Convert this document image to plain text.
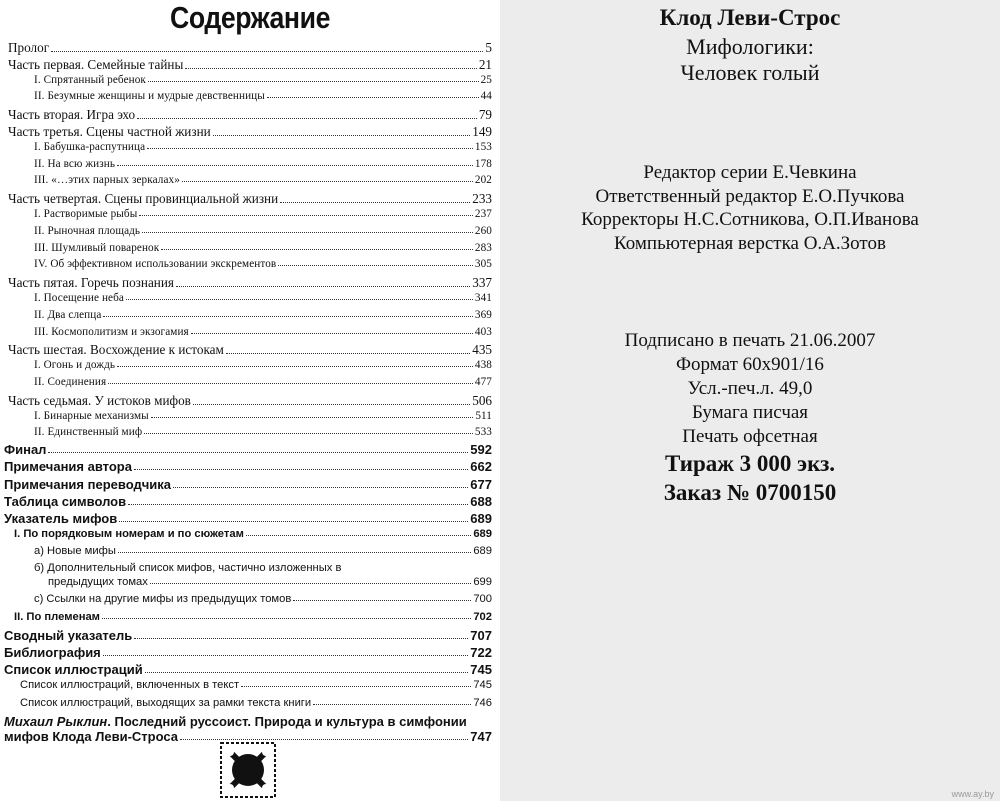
Содержание
Пролог	5
Часть первая. Семейные тайны	21
I. Спрятанный ребенок	25
II. Безумные женщины и мудрые девственницы	44
Часть вторая. Игра эхо	79
Часть третья. Сцены частной жизни	149
I. Бабушка-распутница	153
II. На всю жизнь	178
III. «…этих парных зеркалах»	202
Часть четвертая. Сцены провинциальной жизни	233
I. Растворимые рыбы	237
II. Рыночная площадь	260
III. Шумливый поваренок	283
IV. Об эффективном использовании экскрементов	305
Часть пятая. Горечь познания	337
I. Посещение неба	341
II. Два слепца	369
III. Космополитизм и экзогамия	403
Часть шестая. Восхождение к истокам	435
I. Огонь и дождь	438
II. Соединения	477
Часть седьмая. У истоков мифов	506
I. Бинарные механизмы	511
II. Единственный миф	533
Финал	592
Примечания автора	662
Примечания переводчика	677
Таблица символов	688
Указатель мифов	689
I. По порядковым номерам и по сюжетам	689
а) Новые мифы	689
б) Дополнительный список мифов, частично изложенных в
предыдущих томах	699
с) Ссылки на другие мифы из предыдущих томов	700
II. По племенам	702
Сводный указатель	707
Библиография	722
Список иллюстраций	745
Список иллюстраций, включенных в текст	745
Список иллюстраций, выходящих за рамки текста книги	746
Михаил Рыклин. Последний руссоист. Природа и культура в симфонии
мифов Клода Леви-Строса	747
Клод Леви-Строс
Мифологики:
Человек голый
Редактор серии Е.Чевкина
Ответственный редактор Е.О.Пучкова
Корректоры Н.С.Сотникова, О.П.Иванова
Компьютерная верстка О.А.Зотов
Подписано в печать 21.06.2007
Формат 60x901/16
Усл.-печ.л. 49,0
Бумага писчая
Печать офсетная
Тираж 3 000 экз.
Заказ № 0700150
www.ay.by
